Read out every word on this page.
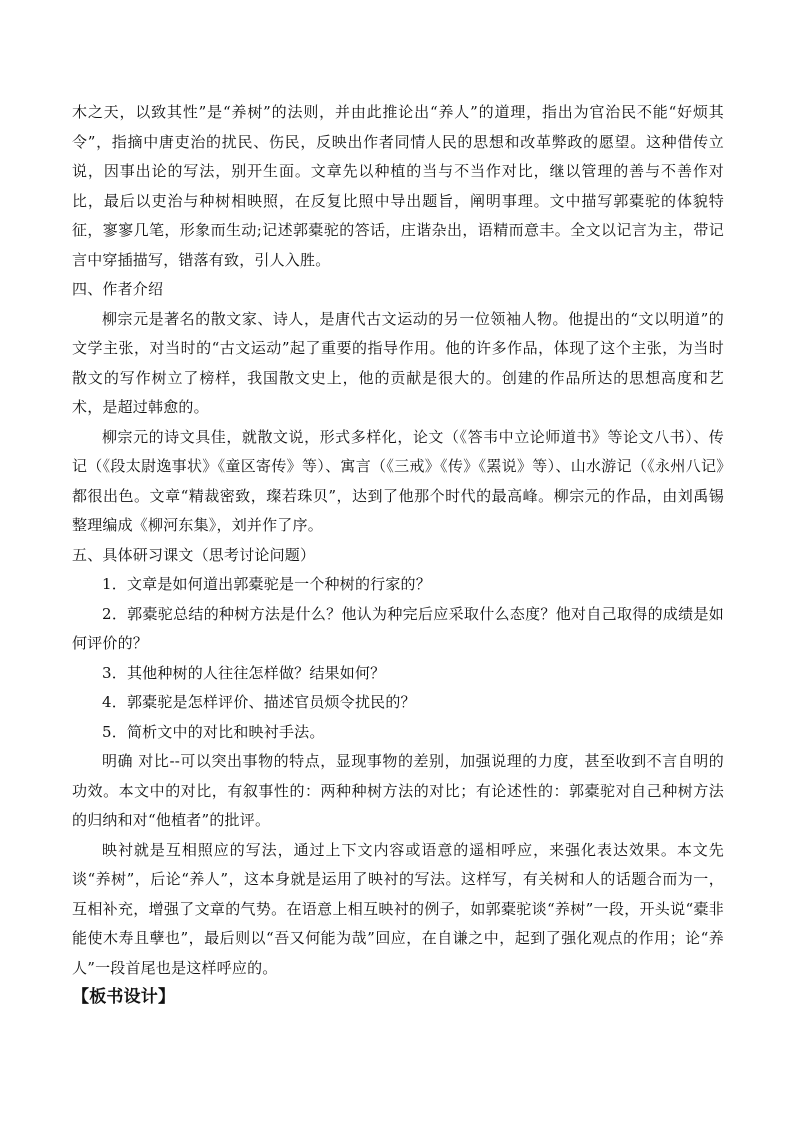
木之天，以致其性”是“养树”的法则，并由此推论出“养人”的道理，指出为官治民不能“好烦其令”，指摘中唐吏治的扰民、伤民，反映出作者同情人民的思想和改革弊政的愿望。这种借传立说，因事出论的写法，别开生面。文章先以种植的当与不当作对比，继以管理的善与不善作对比，最后以吏治与种树相映照，在反复比照中导出题旨，阐明事理。文中描写郭橐驼的体貌特征，寥寥几笔，形象而生动;记述郭橐驼的答话，庄谐杂出，语精而意丰。全文以记言为主，带记言中穿插描写，错落有致，引人入胜。

四、作者介绍

柳宗元是著名的散文家、诗人，是唐代古文运动的另一位领袖人物。他提出的“文以明道”的文学主张，对当时的“古文运动”起了重要的指导作用。他的许多作品，体现了这个主张，为当时散文的写作树立了榜样，我国散文史上，他的贡献是很大的。创建的作品所达的思想高度和艺术，是超过韩愈的。

柳宗元的诗文具佳，就散文说，形式多样化，论文（《答韦中立论师道书》等论文八书）、传记（《段太尉逸事状》《童区寄传》等）、寓言（《三戒》《传》《罴说》等）、山水游记（《永州八记》都很出色。文章“精裁密致，璨若珠贝”，达到了他那个时代的最高峰。柳宗元的作品，由刘禹锡整理编成《柳河东集》，刘并作了序。

五、具体研习课文（思考讨论问题）

1．文章是如何道出郭橐驼是一个种树的行家的？

2．郭橐驼总结的种树方法是什么？他认为种完后应采取什么态度？他对自己取得的成绩是如何评价的？

3．其他种树的人往往怎样做？结果如何？

4．郭橐驼是怎样评价、描述官员烦令扰民的？

5．简析文中的对比和映衬手法。

明确 对比--可以突出事物的特点，显现事物的差别，加强说理的力度，甚至收到不言自明的功效。本文中的对比，有叙事性的：两种种树方法的对比；有论述性的：郭橐驼对自己种树方法的归纳和对“他植者”的批评。

映衬就是互相照应的写法，通过上下文内容或语意的遥相呼应，来强化表达效果。本文先谈“养树”，后论“养人”，这本身就是运用了映衬的写法。这样写，有关树和人的话题合而为一，互相补充，增强了文章的气势。在语意上相互映衬的例子，如郭橐驼谈“养树”一段，开头说“橐非能使木寿且孽也”，最后则以“吾又何能为哉”回应，在自谦之中，起到了强化观点的作用；论“养人”一段首尾也是这样呼应的。

【板书设计】
